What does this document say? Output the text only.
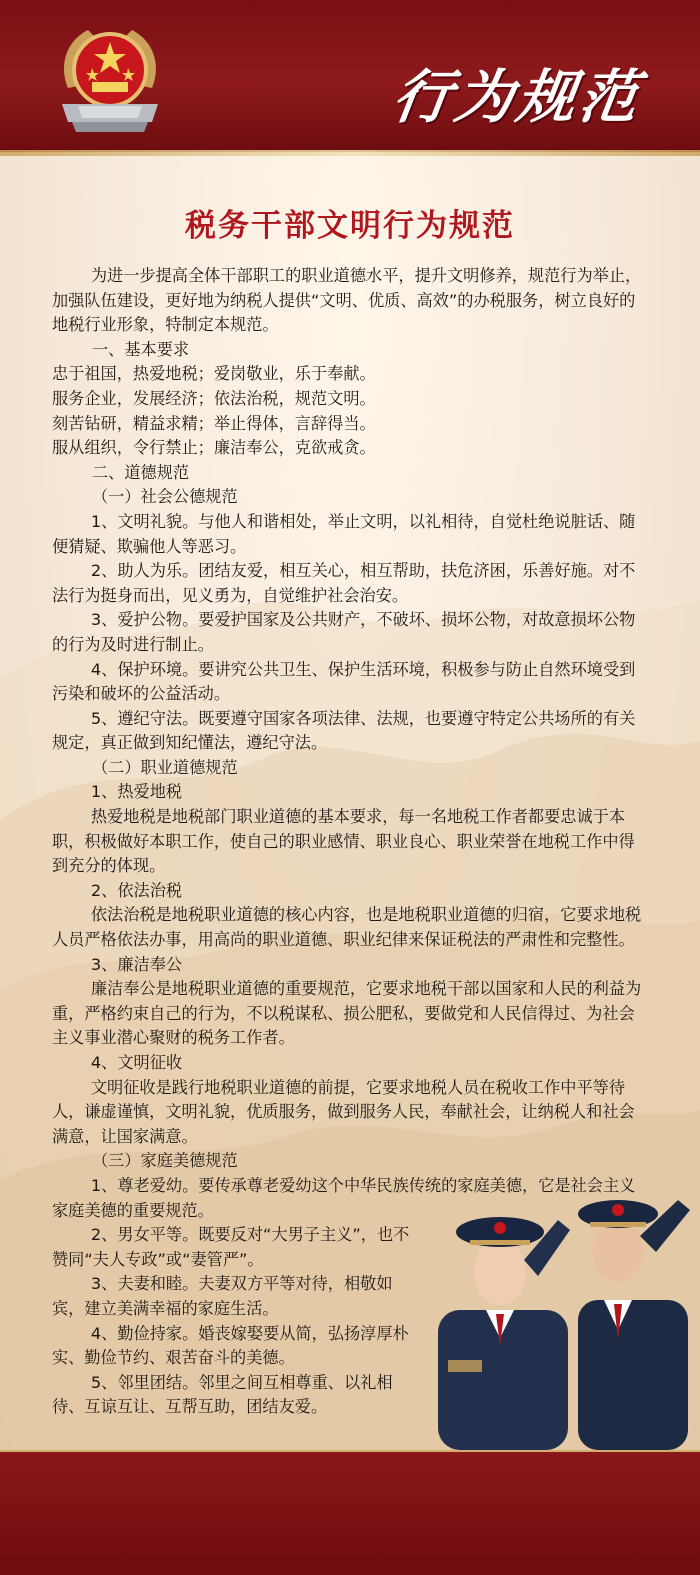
行为规范
税务干部文明行为规范

为进一步提高全体干部职工的职业道德水平，提升文明修养，规范行为举止，加强队伍建设，更好地为纳税人提供“文明、优质、高效”的办税服务，树立良好的地税行业形象，特制定本规范。

一、基本要求

忠于祖国，热爱地税；爱岗敬业，乐于奉献。

服务企业，发展经济；依法治税，规范文明。

刻苦钻研，精益求精；举止得体，言辞得当。

服从组织，令行禁止；廉洁奉公，克欲戒贪。

二、道德规范

（一）社会公德规范

1、文明礼貌。与他人和谐相处，举止文明，以礼相待，自觉杜绝说脏话、随便猜疑、欺骗他人等恶习。

2、助人为乐。团结友爱，相互关心，相互帮助，扶危济困，乐善好施。对不法行为挺身而出，见义勇为，自觉维护社会治安。

3、爱护公物。要爱护国家及公共财产，不破坏、损坏公物，对故意损坏公物的行为及时进行制止。

4、保护环境。要讲究公共卫生、保护生活环境，积极参与防止自然环境受到污染和破坏的公益活动。

5、遵纪守法。既要遵守国家各项法律、法规，也要遵守特定公共场所的有关规定，真正做到知纪懂法，遵纪守法。

（二）职业道德规范

1、热爱地税

热爱地税是地税部门职业道德的基本要求，每一名地税工作者都要忠诚于本职，积极做好本职工作，使自己的职业感情、职业良心、职业荣誉在地税工作中得到充分的体现。

2、依法治税

依法治税是地税职业道德的核心内容，也是地税职业道德的归宿，它要求地税人员严格依法办事，用高尚的职业道德、职业纪律来保证税法的严肃性和完整性。

3、廉洁奉公

廉洁奉公是地税职业道德的重要规范，它要求地税干部以国家和人民的利益为重，严格约束自己的行为，不以税谋私、损公肥私，要做党和人民信得过、为社会主义事业潜心聚财的税务工作者。

4、文明征收

文明征收是践行地税职业道德的前提，它要求地税人员在税收工作中平等待人，谦虚谨慎，文明礼貌，优质服务，做到服务人民，奉献社会，让纳税人和社会满意，让国家满意。

（三）家庭美德规范

1、尊老爱幼。要传承尊老爱幼这个中华民族传统的家庭美德，它是社会主义家庭美德的重要规范。

2、男女平等。既要反对“大男子主义”，也不赞同“夫人专政”或“妻管严”。

3、夫妻和睦。夫妻双方平等对待，相敬如宾，建立美满幸福的家庭生活。

4、勤俭持家。婚丧嫁娶要从简，弘扬淳厚朴实、勤俭节约、艰苦奋斗的美德。

5、邻里团结。邻里之间互相尊重、以礼相待、互谅互让、互帮互助，团结友爱。
